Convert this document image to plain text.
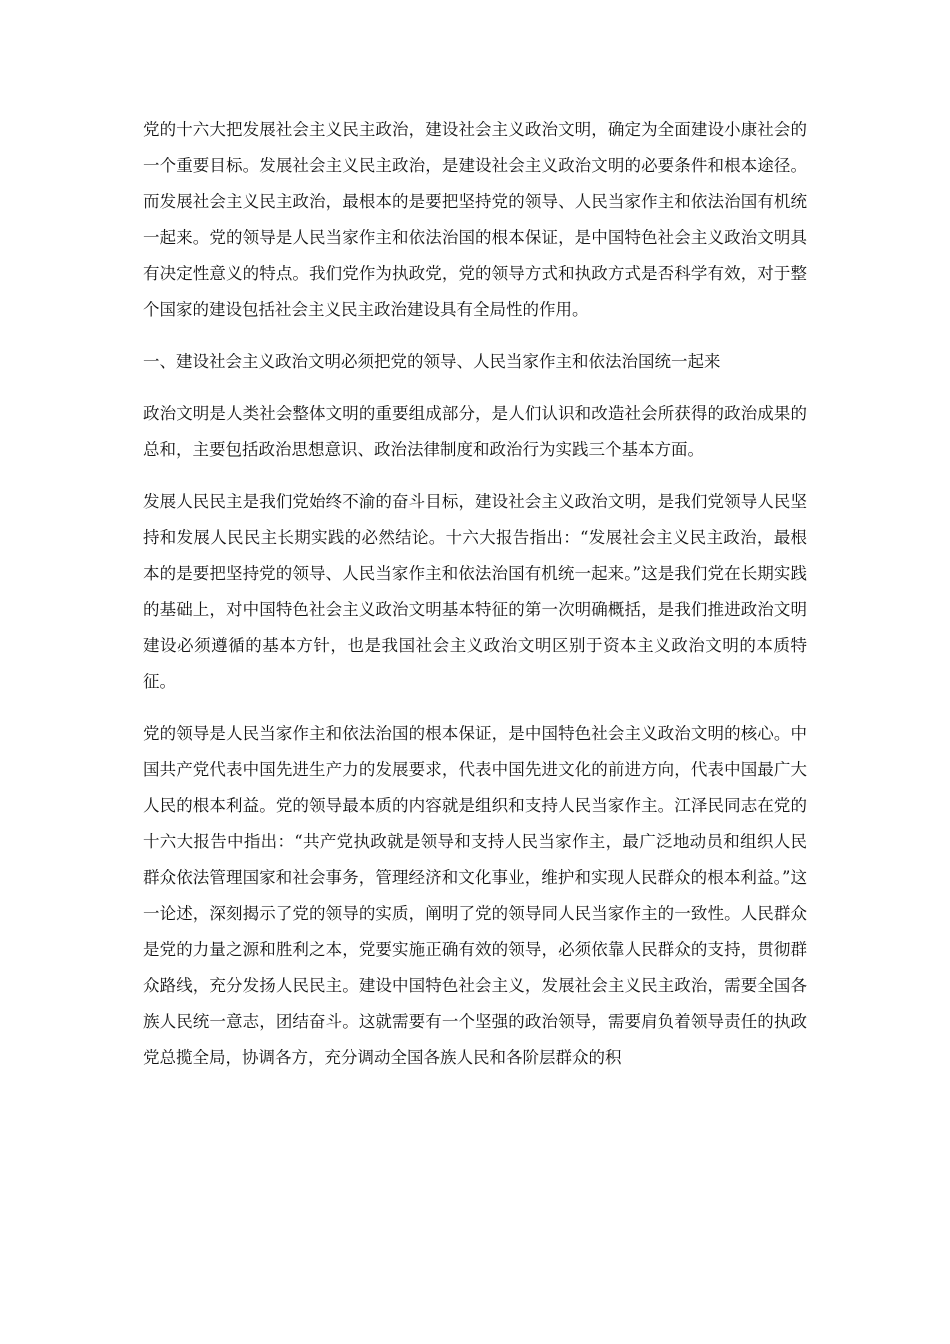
党的十六大把发展社会主义民主政治，建设社会主义政治文明，确定为全面建设小康社会的一个重要目标。发展社会主义民主政治，是建设社会主义政治文明的必要条件和根本途径。而发展社会主义民主政治，最根本的是要把坚持党的领导、人民当家作主和依法治国有机统一起来。党的领导是人民当家作主和依法治国的根本保证，是中国特色社会主义政治文明具有决定性意义的特点。我们党作为执政党，党的领导方式和执政方式是否科学有效，对于整个国家的建设包括社会主义民主政治建设具有全局性的作用。

一、建设社会主义政治文明必须把党的领导、人民当家作主和依法治国统一起来

政治文明是人类社会整体文明的重要组成部分，是人们认识和改造社会所获得的政治成果的总和，主要包括政治思想意识、政治法律制度和政治行为实践三个基本方面。

发展人民民主是我们党始终不渝的奋斗目标，建设社会主义政治文明，是我们党领导人民坚持和发展人民民主长期实践的必然结论。十六大报告指出：“发展社会主义民主政治，最根本的是要把坚持党的领导、人民当家作主和依法治国有机统一起来。”这是我们党在长期实践的基础上，对中国特色社会主义政治文明基本特征的第一次明确概括，是我们推进政治文明建设必须遵循的基本方针，也是我国社会主义政治文明区别于资本主义政治文明的本质特征。

党的领导是人民当家作主和依法治国的根本保证，是中国特色社会主义政治文明的核心。中国共产党代表中国先进生产力的发展要求，代表中国先进文化的前进方向，代表中国最广大人民的根本利益。党的领导最本质的内容就是组织和支持人民当家作主。江泽民同志在党的十六大报告中指出：“共产党执政就是领导和支持人民当家作主，最广泛地动员和组织人民群众依法管理国家和社会事务，管理经济和文化事业，维护和实现人民群众的根本利益。”这一论述，深刻揭示了党的领导的实质，阐明了党的领导同人民当家作主的一致性。人民群众是党的力量之源和胜利之本，党要实施正确有效的领导，必须依靠人民群众的支持，贯彻群众路线，充分发扬人民民主。建设中国特色社会主义，发展社会主义民主政治，需要全国各族人民统一意志，团结奋斗。这就需要有一个坚强的政治领导，需要肩负着领导责任的执政党总揽全局，协调各方，充分调动全国各族人民和各阶层群众的积
